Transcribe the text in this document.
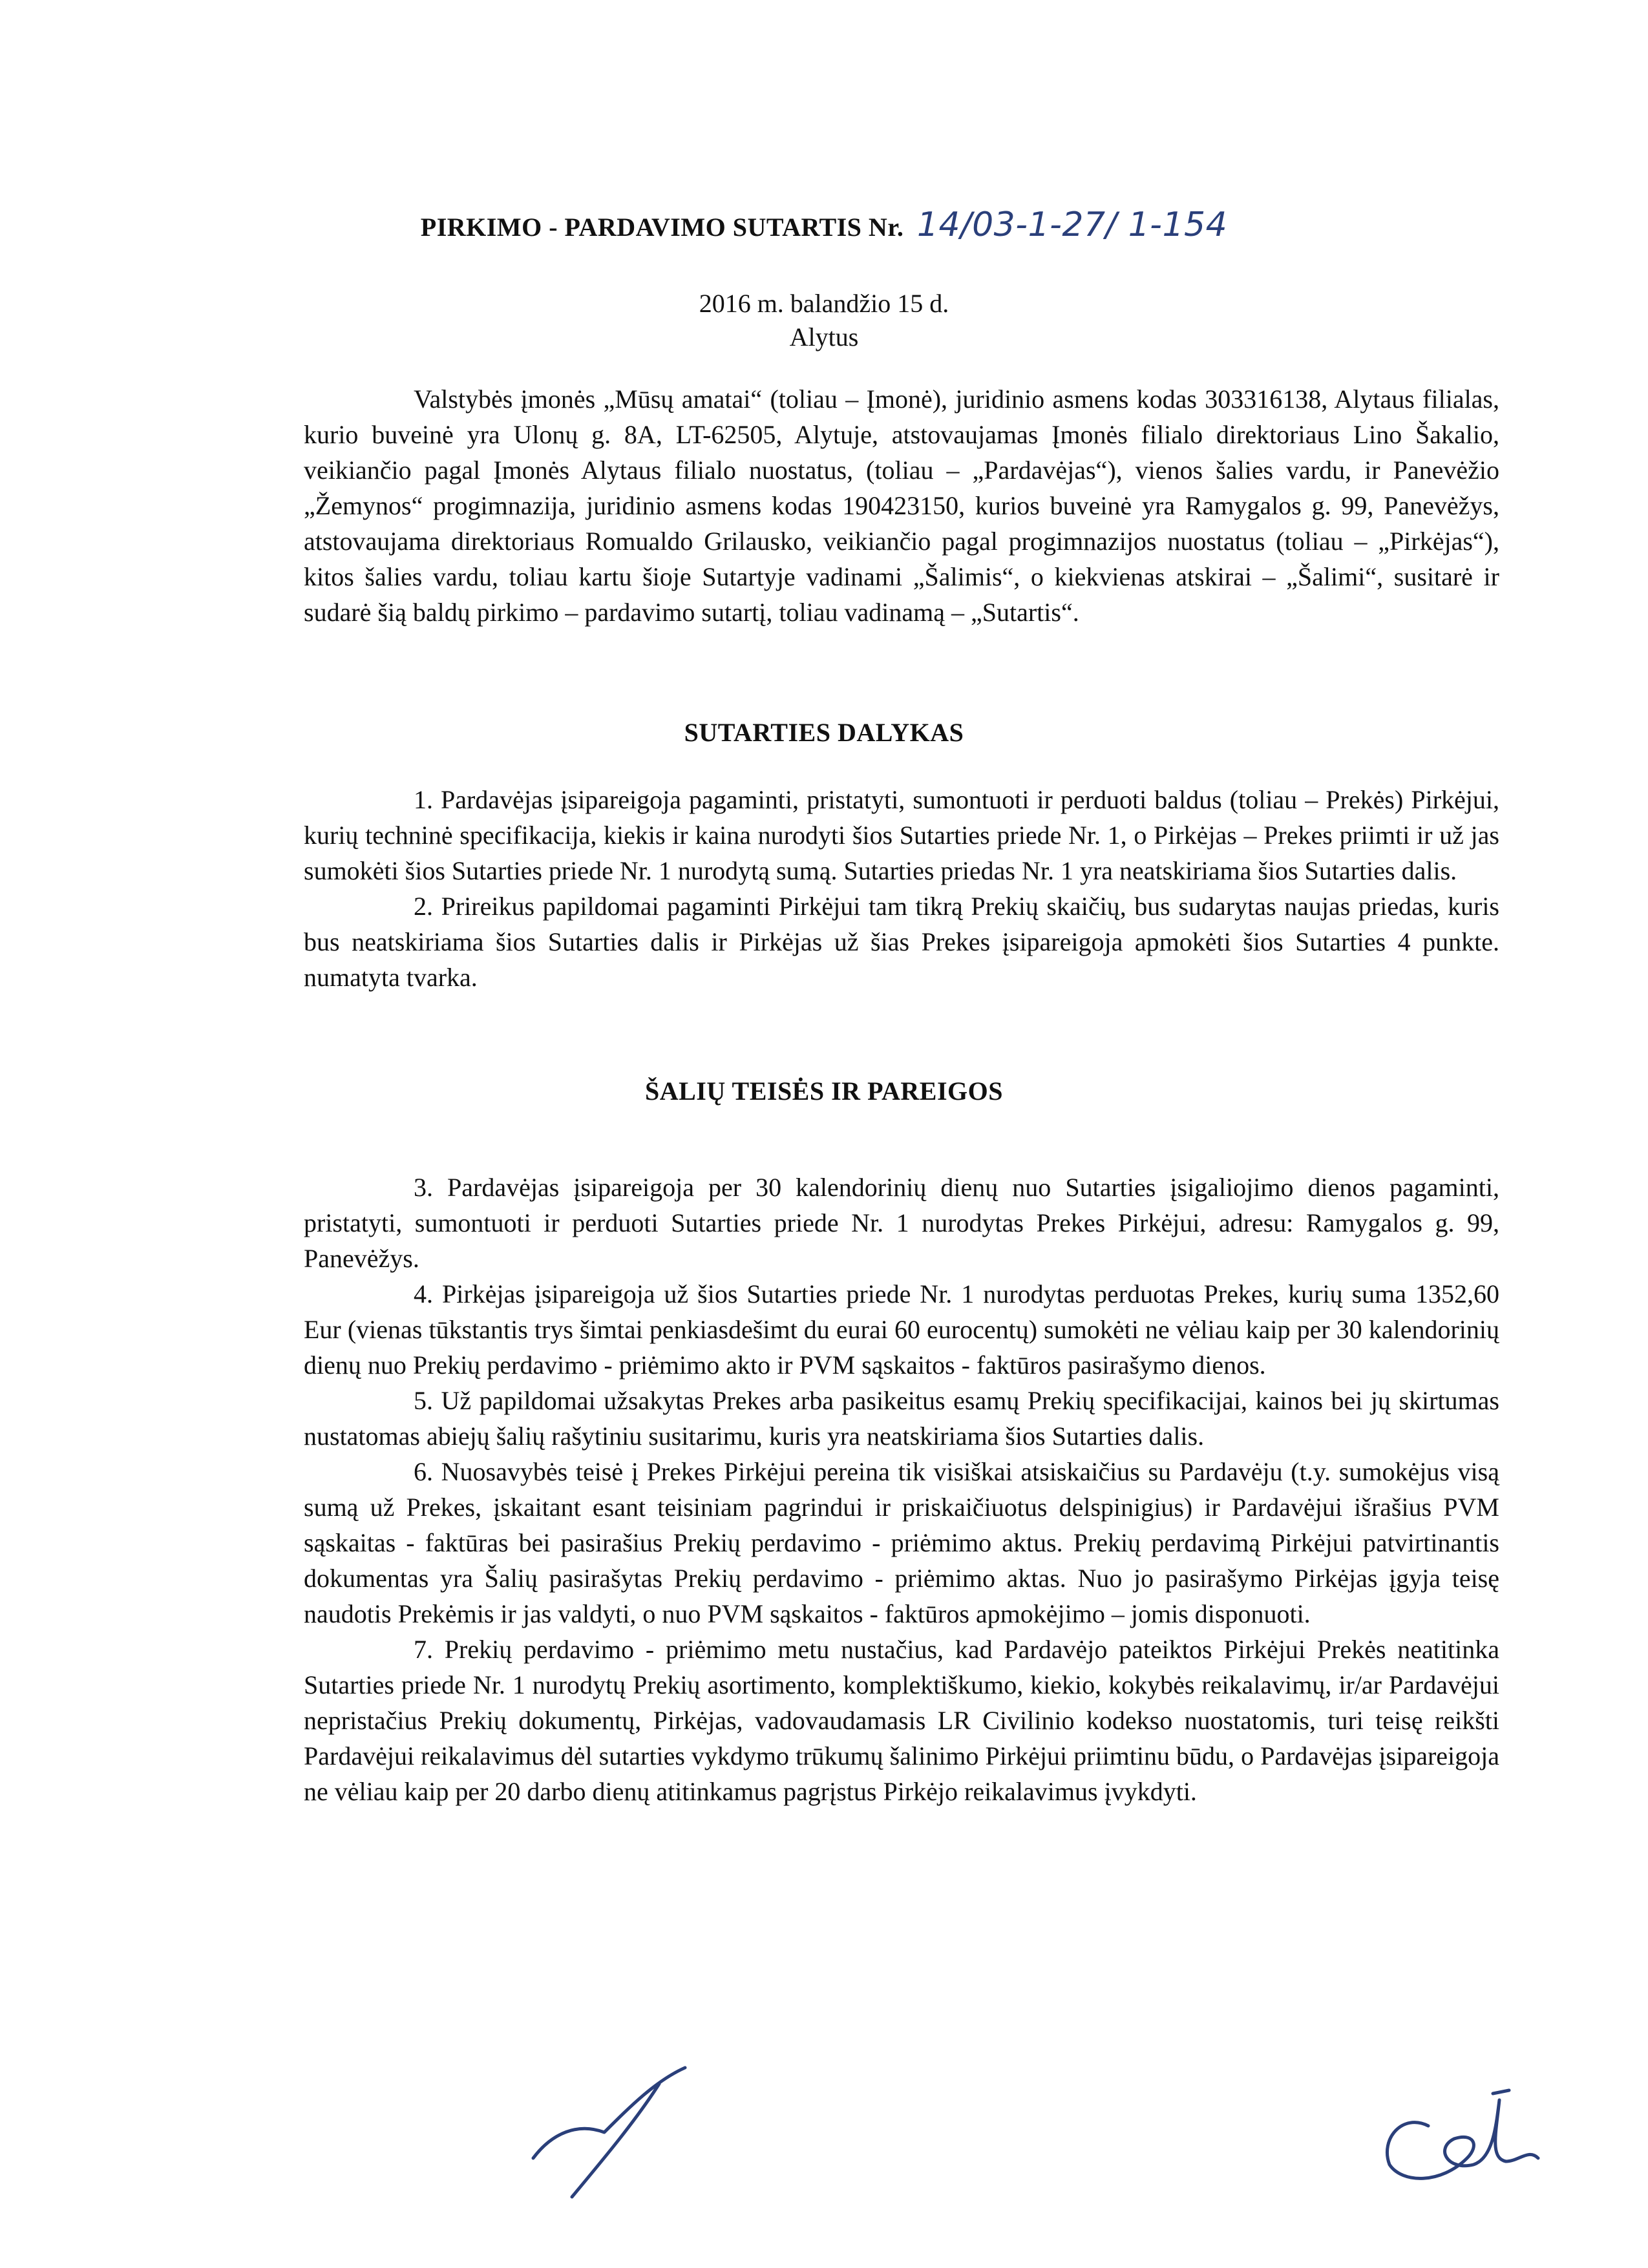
PIRKIMO - PARDAVIMO SUTARTIS Nr. 14/03-1-27/ 1-154
2016 m. balandžio 15 d.
Alytus

Valstybės įmonės „Mūsų amatai“ (toliau – Įmonė), juridinio asmens kodas 303316138, Alytaus filialas, kurio buveinė yra Ulonų g. 8A, LT-62505, Alytuje, atstovaujamas Įmonės filialo direktoriaus Lino Šakalio, veikiančio pagal Įmonės Alytaus filialo nuostatus, (toliau – „Pardavėjas“), vienos šalies vardu, ir Panevėžio „Žemynos“ progimnazija, juridinio asmens kodas 190423150, kurios buveinė yra Ramygalos g. 99, Panevėžys, atstovaujama direktoriaus Romualdo Grilausko, veikiančio pagal progimnazijos nuostatus (toliau – „Pirkėjas“), kitos šalies vardu, toliau kartu šioje Sutartyje vadinami „Šalimis“, o kiekvienas atskirai – „Šalimi“, susitarė ir sudarė šią baldų pirkimo – pardavimo sutartį, toliau vadinamą – „Sutartis“.

SUTARTIES DALYKAS

1. Pardavėjas įsipareigoja pagaminti, pristatyti, sumontuoti ir perduoti baldus (toliau – Prekės) Pirkėjui, kurių techninė specifikacija, kiekis ir kaina nurodyti šios Sutarties priede Nr. 1, o Pirkėjas – Prekes priimti ir už jas sumokėti šios Sutarties priede Nr. 1 nurodytą sumą. Sutarties priedas Nr. 1 yra neatskiriama šios Sutarties dalis.

2. Prireikus papildomai pagaminti Pirkėjui tam tikrą Prekių skaičių, bus sudarytas naujas priedas, kuris bus neatskiriama šios Sutarties dalis ir Pirkėjas už šias Prekes įsipareigoja apmokėti šios Sutarties 4 punkte. numatyta tvarka.

ŠALIŲ TEISĖS IR PAREIGOS

3. Pardavėjas įsipareigoja per 30 kalendorinių dienų nuo Sutarties įsigaliojimo dienos pagaminti, pristatyti, sumontuoti ir perduoti Sutarties priede Nr. 1 nurodytas Prekes Pirkėjui, adresu: Ramygalos g. 99, Panevėžys.

4. Pirkėjas įsipareigoja už šios Sutarties priede Nr. 1 nurodytas perduotas Prekes, kurių suma 1352,60 Eur (vienas tūkstantis trys šimtai penkiasdešimt du eurai 60 eurocentų) sumokėti ne vėliau kaip per 30 kalendorinių dienų nuo Prekių perdavimo - priėmimo akto ir PVM sąskaitos - faktūros pasirašymo dienos.

5. Už papildomai užsakytas Prekes arba pasikeitus esamų Prekių specifikacijai, kainos bei jų skirtumas nustatomas abiejų šalių rašytiniu susitarimu, kuris yra neatskiriama šios Sutarties dalis.

6. Nuosavybės teisė į Prekes Pirkėjui pereina tik visiškai atsiskaičius su Pardavėju (t.y. sumokėjus visą sumą už Prekes, įskaitant esant teisiniam pagrindui ir priskaičiuotus delspinigius) ir Pardavėjui išrašius PVM sąskaitas - faktūras bei pasirašius Prekių perdavimo - priėmimo aktus. Prekių perdavimą Pirkėjui patvirtinantis dokumentas yra Šalių pasirašytas Prekių perdavimo - priėmimo aktas. Nuo jo pasirašymo Pirkėjas įgyja teisę naudotis Prekėmis ir jas valdyti, o nuo PVM sąskaitos - faktūros apmokėjimo – jomis disponuoti.

7. Prekių perdavimo - priėmimo metu nustačius, kad Pardavėjo pateiktos Pirkėjui Prekės neatitinka Sutarties priede Nr. 1 nurodytų Prekių asortimento, komplektiškumo, kiekio, kokybės reikalavimų, ir/ar Pardavėjui nepristačius Prekių dokumentų, Pirkėjas, vadovaudamasis LR Civilinio kodekso nuostatomis, turi teisę reikšti Pardavėjui reikalavimus dėl sutarties vykdymo trūkumų šalinimo Pirkėjui priimtinu būdu, o Pardavėjas įsipareigoja ne vėliau kaip per 20 darbo dienų atitinkamus pagrįstus Pirkėjo reikalavimus įvykdyti.
